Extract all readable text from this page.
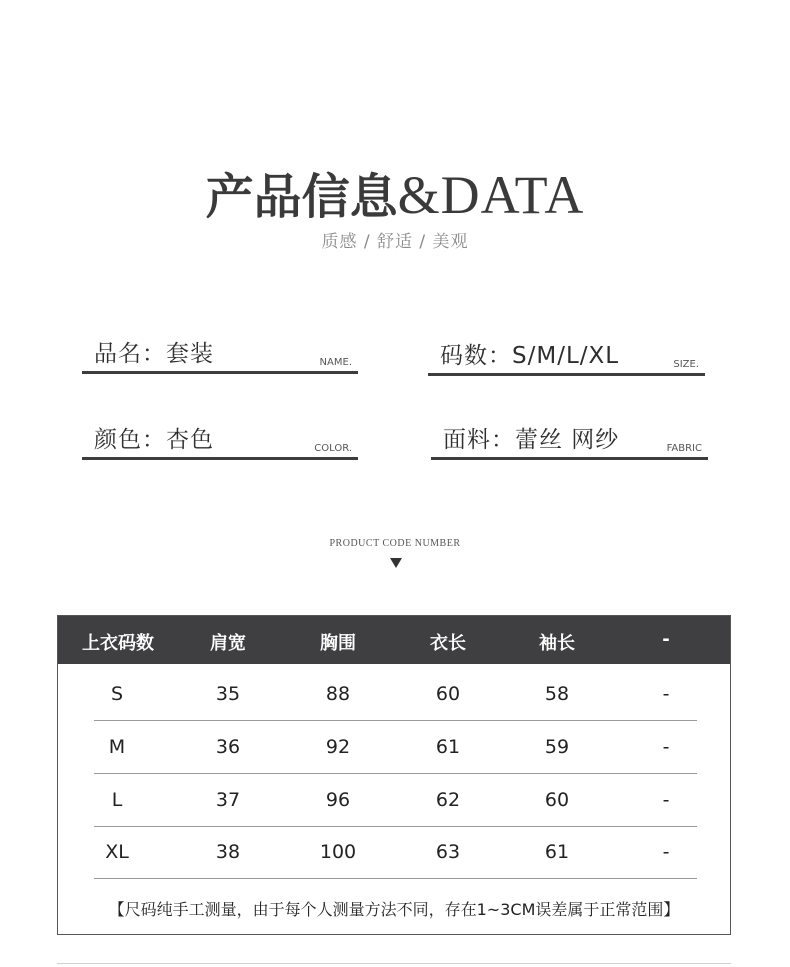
产品信息&DATA
质感 / 舒适 / 美观
品名：套装	NAME.	码数：S/M/L/XL	SIZE.
颜色：杏色	COLOR.	面料：蕾丝 网纱	FABRIC
PRODUCT CODE NUMBER
上衣码数	肩宽	胸围	衣长	袖长	-
S	35	88	60	58	-
M	36	92	61	59	-
L	37	96	62	60	-
XL	38	100	63	61	-
【尺码纯手工测量，由于每个人测量方法不同，存在1~3CM误差属于正常范围】
